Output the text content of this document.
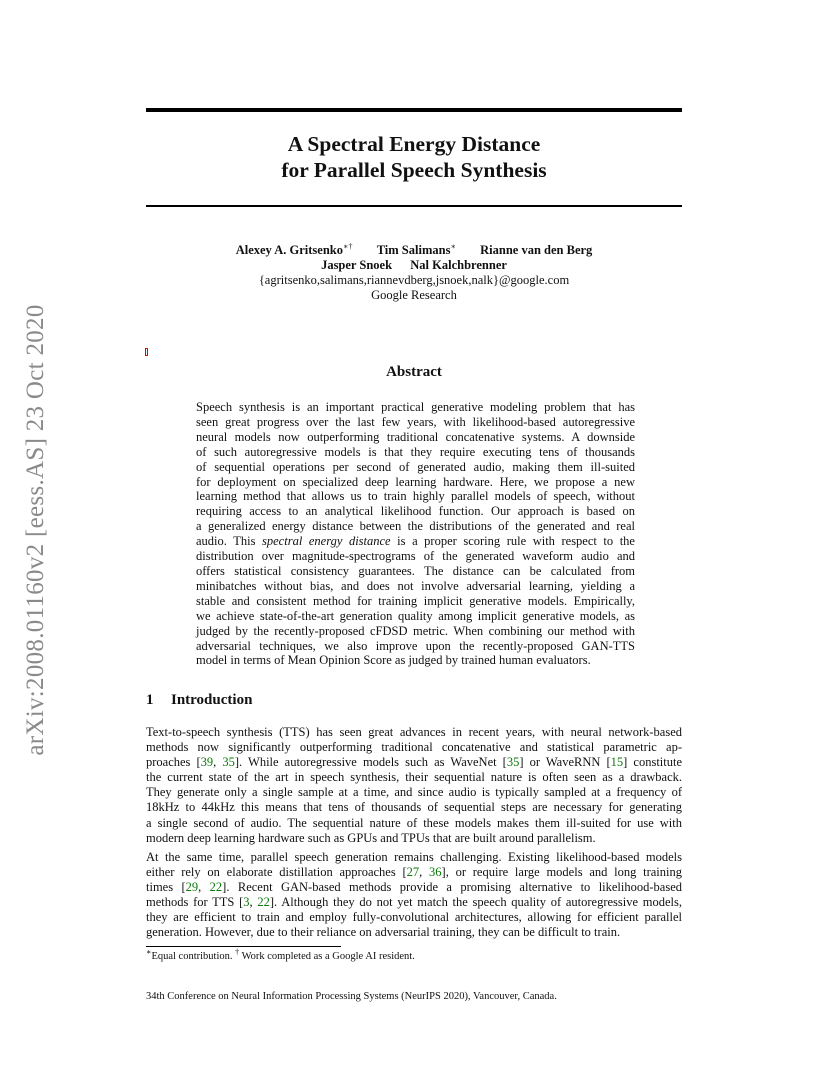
arXiv:2008.01160v2 [eess.AS] 23 Oct 2020
A Spectral Energy Distance
for Parallel Speech Synthesis
Alexey A. Gritsenko∗† Tim Salimans∗ Rianne van den Berg
Jasper Snoek Nal Kalchbrenner
{agritsenko,salimans,riannevdberg,jsnoek,nalk}@google.com
Google Research
Abstract
Speech synthesis is an important practical generative modeling problem that has
seen great progress over the last few years, with likelihood-based autoregressive
neural models now outperforming traditional concatenative systems. A downside
of such autoregressive models is that they require executing tens of thousands
of sequential operations per second of generated audio, making them ill-suited
for deployment on specialized deep learning hardware. Here, we propose a new
learning method that allows us to train highly parallel models of speech, without
requiring access to an analytical likelihood function. Our approach is based on
a generalized energy distance between the distributions of the generated and real
audio. This spectral energy distance is a proper scoring rule with respect to the
distribution over magnitude-spectrograms of the generated waveform audio and
offers statistical consistency guarantees. The distance can be calculated from
minibatches without bias, and does not involve adversarial learning, yielding a
stable and consistent method for training implicit generative models. Empirically,
we achieve state-of-the-art generation quality among implicit generative models, as
judged by the recently-proposed cFDSD metric. When combining our method with
adversarial techniques, we also improve upon the recently-proposed GAN-TTS
model in terms of Mean Opinion Score as judged by trained human evaluators.
1 Introduction
Text-to-speech synthesis (TTS) has seen great advances in recent years, with neural network-based
methods now significantly outperforming traditional concatenative and statistical parametric ap-
proaches [39, 35]. While autoregressive models such as WaveNet [35] or WaveRNN [15] constitute
the current state of the art in speech synthesis, their sequential nature is often seen as a drawback.
They generate only a single sample at a time, and since audio is typically sampled at a frequency of
18kHz to 44kHz this means that tens of thousands of sequential steps are necessary for generating
a single second of audio. The sequential nature of these models makes them ill-suited for use with
modern deep learning hardware such as GPUs and TPUs that are built around parallelism.
At the same time, parallel speech generation remains challenging. Existing likelihood-based models
either rely on elaborate distillation approaches [27, 36], or require large models and long training
times [29, 22]. Recent GAN-based methods provide a promising alternative to likelihood-based
methods for TTS [3, 22]. Although they do not yet match the speech quality of autoregressive models,
they are efficient to train and employ fully-convolutional architectures, allowing for efficient parallel
generation. However, due to their reliance on adversarial training, they can be difficult to train.
∗Equal contribution. † Work completed as a Google AI resident.
34th Conference on Neural Information Processing Systems (NeurIPS 2020), Vancouver, Canada.
